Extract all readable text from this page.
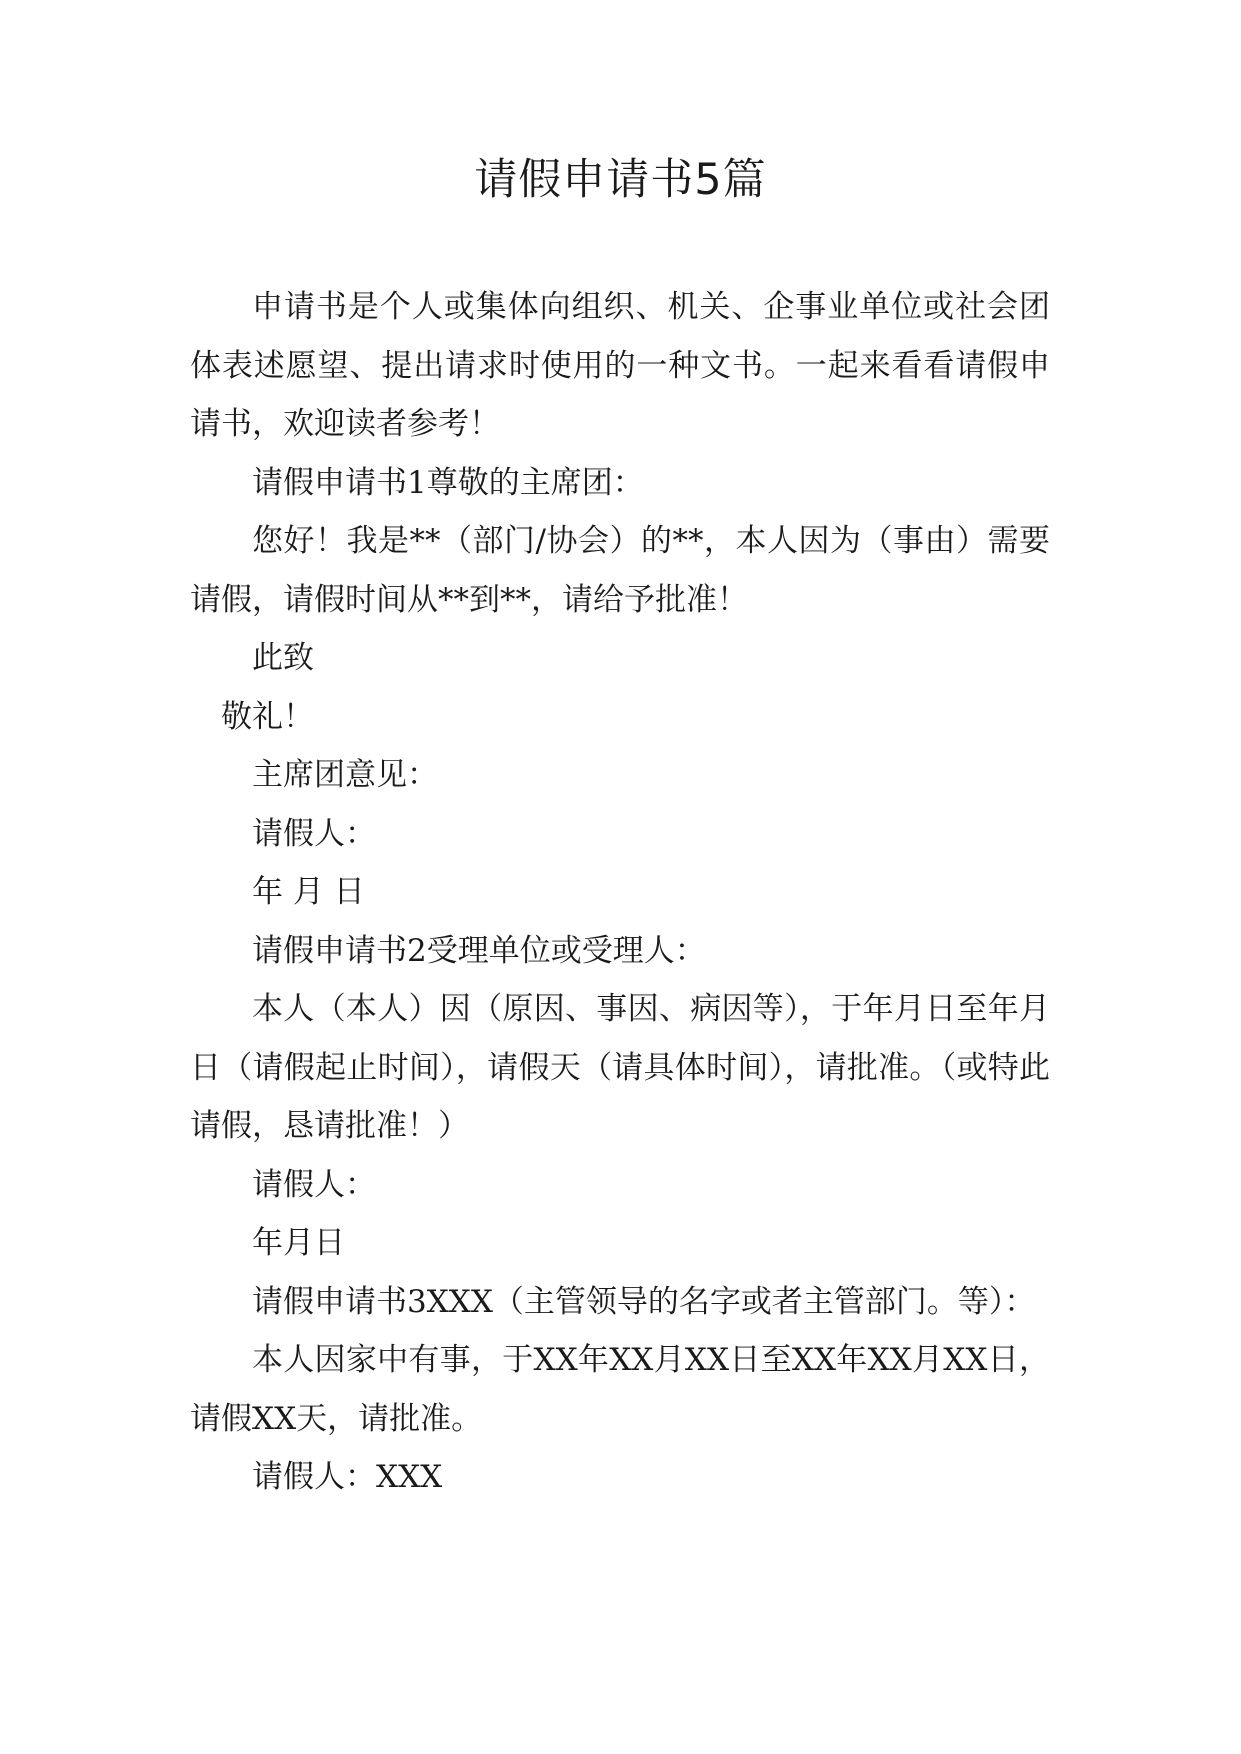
请假申请书5篇

申请书是个人或集体向组织、机关、企事业单位或社会团体表述愿望、提出请求时使用的一种文书。一起来看看请假申请书，欢迎读者参考！

请假申请书1尊敬的主席团：

您好！我是**（部门/协会）的**，本人因为（事由）需要请假，请假时间从**到**，请给予批准！

此致

敬礼！

主席团意见：

请假人：

年 月 日

请假申请书2受理单位或受理人：

本人（本人）因（原因、事因、病因等），于年月日至年月日（请假起止时间），请假天（请具体时间），请批准。（或特此请假，恳请批准！）

请假人：

年月日

请假申请书3XXX（主管领导的名字或者主管部门。等）：

本人因家中有事，于XX年XX月XX日至XX年XX月XX日，请假XX天，请批准。

请假人：XXX
